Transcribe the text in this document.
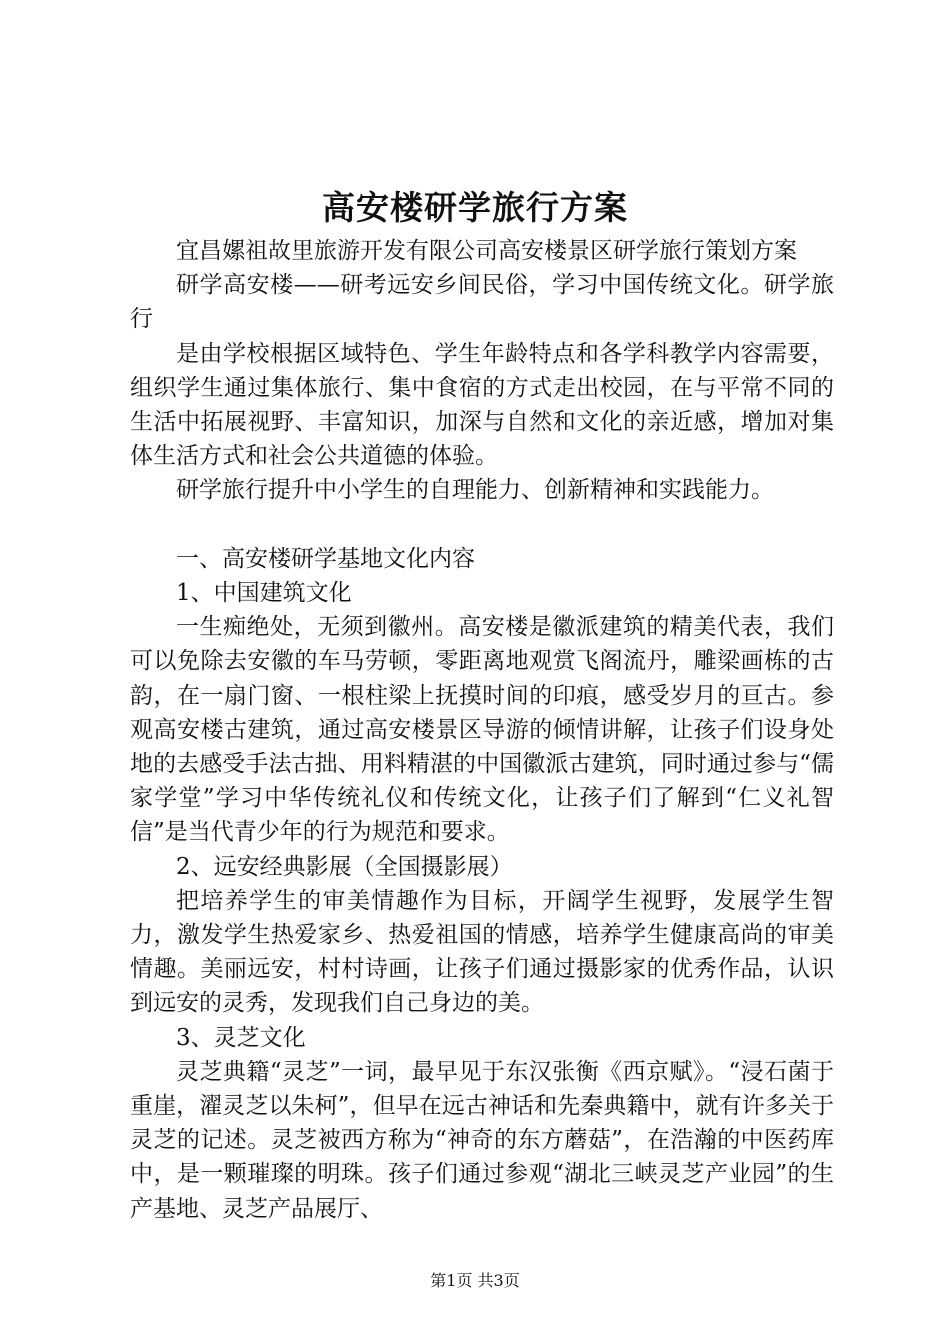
高安楼研学旅行方案

宜昌嫘祖故里旅游开发有限公司高安楼景区研学旅行策划方案

研学高安楼——研考远安乡间民俗，学习中国传统文化。研学旅行

是由学校根据区域特色、学生年龄特点和各学科教学内容需要，组织学生通过集体旅行、集中食宿的方式走出校园，在与平常不同的生活中拓展视野、丰富知识，加深与自然和文化的亲近感，增加对集体生活方式和社会公共道德的体验。

研学旅行提升中小学生的自理能力、创新精神和实践能力。

一、高安楼研学基地文化内容

1、中国建筑文化

一生痴绝处，无须到徽州。高安楼是徽派建筑的精美代表，我们可以免除去安徽的车马劳顿，零距离地观赏飞阁流丹，雕梁画栋的古韵，在一扇门窗、一根柱梁上抚摸时间的印痕，感受岁月的亘古。参观高安楼古建筑，通过高安楼景区导游的倾情讲解，让孩子们设身处地的去感受手法古拙、用料精湛的中国徽派古建筑，同时通过参与“儒家学堂”学习中华传统礼仪和传统文化，让孩子们了解到“仁义礼智信”是当代青少年的行为规范和要求。

2、远安经典影展（全国摄影展）

把培养学生的审美情趣作为目标，开阔学生视野，发展学生智力，激发学生热爱家乡、热爱祖国的情感，培养学生健康高尚的审美情趣。美丽远安，村村诗画，让孩子们通过摄影家的优秀作品，认识到远安的灵秀，发现我们自己身边的美。

3、灵芝文化

灵芝典籍“灵芝”一词，最早见于东汉张衡《西京赋》。“浸石菌于重崖，濯灵芝以朱柯”，但早在远古神话和先秦典籍中，就有许多关于灵芝的记述。灵芝被西方称为“神奇的东方蘑菇”，在浩瀚的中医药库中，是一颗璀璨的明珠。孩子们通过参观“湖北三峡灵芝产业园”的生产基地、灵芝产品展厅、

第1页 共3页
